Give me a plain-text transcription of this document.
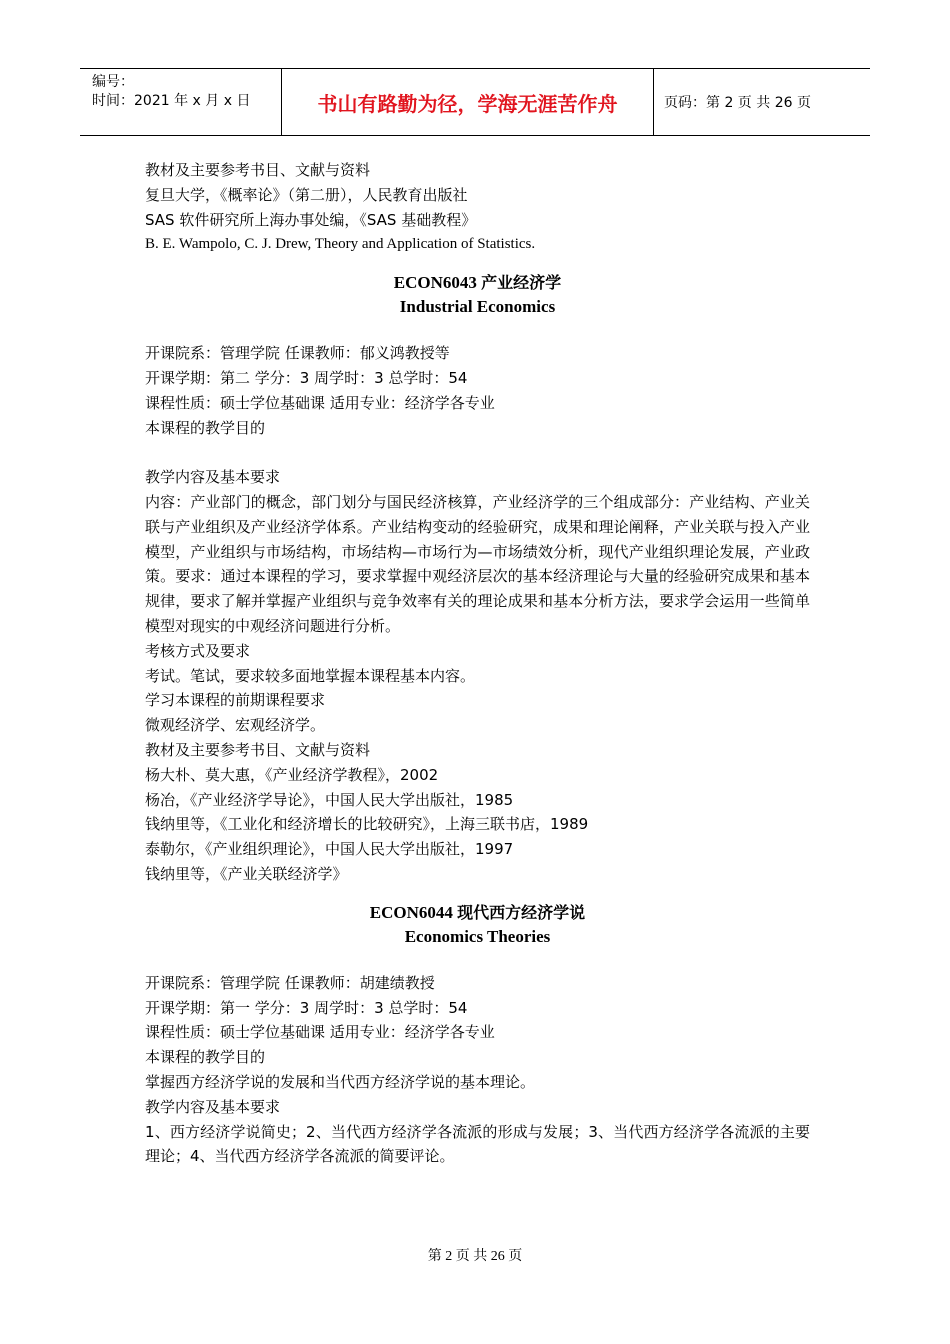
编号：
时间：2021 年 x 月 x 日	书山有路勤为径，学海无涯苦作舟	页码：第 2 页 共 26 页
教材及主要参考书目、文献与资料
复旦大学，《概率论》（第二册），人民教育出版社
SAS 软件研究所上海办事处编，《SAS 基础教程》
B. E. Wampolo, C. J. Drew, Theory and Application of Statistics.
ECON6043 产业经济学
Industrial Economics
开课院系：管理学院 任课教师：郁义鸿教授等
开课学期：第二 学分：3 周学时：3 总学时：54
课程性质：硕士学位基础课 适用专业：经济学各专业
本课程的教学目的
教学内容及基本要求
内容：产业部门的概念，部门划分与国民经济核算，产业经济学的三个组成部分：产业结构、产业关联与产业组织及产业经济学体系。产业结构变动的经验研究，成果和理论阐释，产业关联与投入产业模型，产业组织与市场结构，市场结构—市场行为—市场绩效分析，现代产业组织理论发展，产业政策。要求：通过本课程的学习，要求掌握中观经济层次的基本经济理论与大量的经验研究成果和基本规律，要求了解并掌握产业组织与竞争效率有关的理论成果和基本分析方法，要求学会运用一些简单模型对现实的中观经济问题进行分析。
考核方式及要求
考试。笔试，要求较多面地掌握本课程基本内容。
学习本课程的前期课程要求
微观经济学、宏观经济学。
教材及主要参考书目、文献与资料
杨大朴、莫大惠，《产业经济学教程》，2002
杨冶，《产业经济学导论》，中国人民大学出版社，1985
钱纳里等，《工业化和经济增长的比较研究》，上海三联书店，1989
泰勒尔，《产业组织理论》，中国人民大学出版社，1997
钱纳里等，《产业关联经济学》
ECON6044 现代西方经济学说
Economics Theories
开课院系：管理学院 任课教师：胡建绩教授
开课学期：第一 学分：3 周学时：3 总学时：54
课程性质：硕士学位基础课 适用专业：经济学各专业
本课程的教学目的
掌握西方经济学说的发展和当代西方经济学说的基本理论。
教学内容及基本要求
1、西方经济学说简史；2、当代西方经济学各流派的形成与发展；3、当代西方经济学各流派的主要理论；4、当代西方经济学各流派的简要评论。
第 2 页 共 26 页
